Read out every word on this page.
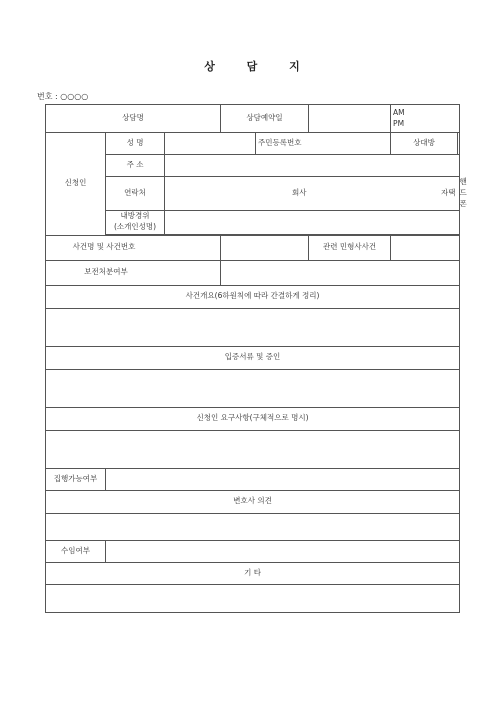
상 담 지
번호 : ○○○○
상담명			상담예약일			AM
PM	
신청인	성 명			주민등록번호		상대방	
	주 소						
	연락처	회사			자택		핸드폰
	내방경위
(소개인성명)						

사건명 및 사건번호					관련 민형사사건		
보전처분여부							
사건개요(6하원칙에 따라 간결하게 정리)							

입증서류 및 증인							

신청인 요구사항(구체적으로 명시)							

집행가능여부							
변호사 의견							

수임여부							
기 타							
